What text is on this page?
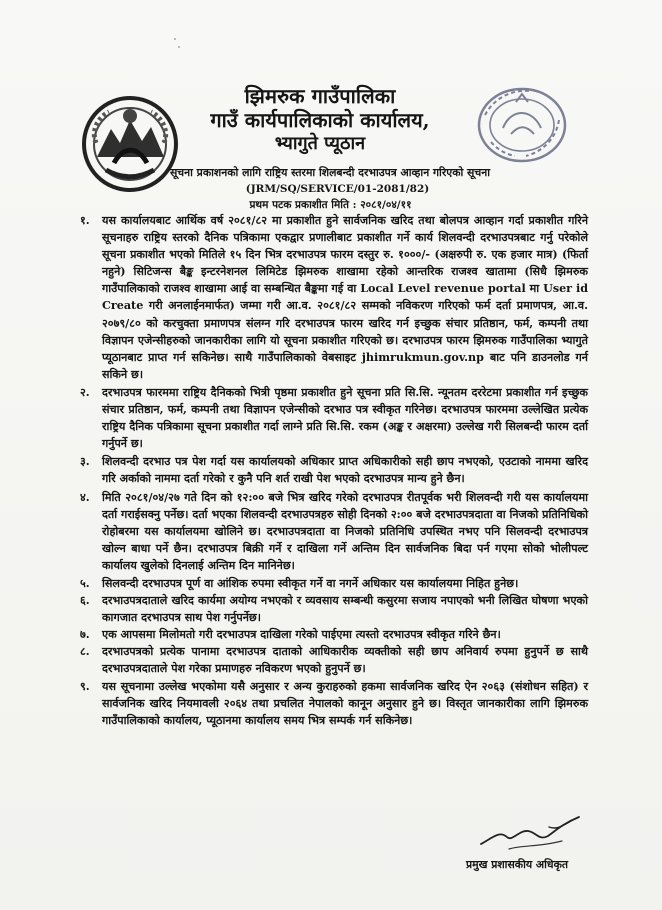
झिमरुक गाउँपालिका
गाउँ कार्यपालिकाको कार्यालय,
भ्यागुते प्यूठान
सूचना प्रकाशनको लागि राष्ट्रिय स्तरमा शिलबन्दी दरभाउपत्र आव्हान गरिएको सूचना
(JRM/SQ/SERVICE/01-2081/82)
प्रथम पटक प्रकाशीत मिति : २०८१/०४/११
१.	यस कार्यालयबाट आर्थिक वर्ष २०८१/८२ मा प्रकाशीत हुने सार्वजनिक खरिद तथा बोलपत्र आव्हान गर्दा प्रकाशीत गरिने सूचनाहरु राष्ट्रिय स्तरको दैनिक पत्रिकामा एकद्वार प्रणालीबाट प्रकाशीत गर्ने कार्य शिलवन्दी दरभाउपत्रबाट गर्नु परेकोले सूचना प्रकाशीत भएको मितिले १५ दिन भित्र दरभाउपत्र फारम दस्तुर रु. १०००/- (अक्षरुपी रु. एक हजार मात्र) (फिर्ता नहुने) सिटिजन्स बैङ्क इन्टरनेशनल लिमिटेड झिमरुक शाखामा रहेको आन्तरिक राजश्व खातामा (सिधै झिमरुक गाउँपालिकाको राजश्व शाखामा आई वा सम्बन्धित बैङ्कमा गई वा Local Level revenue portal मा User id Create गरी अनलाईनमार्फत) जम्मा गरी आ.व. २०८१/८२ सम्मको नविकरण गरिएको फर्म दर्ता प्रमाणपत्र, आ.व. २०७९/८० को करचुक्ता प्रमाणपत्र संलग्न गरि दरभाउपत्र फारम खरिद गर्न इच्छुक संचार प्रतिष्ठान, फर्म, कम्पनी तथा विज्ञापन एजेन्सीहरुको जानकारीका लागि यो सूचना प्रकाशीत गरिएको छ। दरभाउपत्र फारम झिमरुक गाउँपालिका भ्यागुते प्यूठानबाट प्राप्त गर्न सकिनेछ। साथै गाउँपालिकाको वेबसाइट jhimrukmun.gov.np बाट पनि डाउनलोड गर्न सकिने छ।
२.	दरभाउपत्र फारममा राष्ट्रिय दैनिकको भित्री पृष्ठमा प्रकाशीत हुने सूचना प्रति सि.सि. न्यूनतम दररेटमा प्रकाशीत गर्न इच्छुक संचार प्रतिष्ठान, फर्म, कम्पनी तथा विज्ञापन एजेन्सीको दरभाउ पत्र स्वीकृत गरिनेछ। दरभाउपत्र फारममा उल्लेखित प्रत्येक राष्ट्रिय दैनिक पत्रिकामा सूचना प्रकाशीत गर्दा लाग्ने प्रति सि.सि. रकम (अङ्क र अक्षरमा) उल्लेख गरी सिलबन्दी फारम दर्ता गर्नुपर्ने छ।
३.	शिलवन्दी दरभाउ पत्र पेश गर्दा यस कार्यालयको अधिकार प्राप्त अधिकारीको सही छाप नभएको, एउटाको नाममा खरिद गरि अर्काको नाममा दर्ता गरेको र कुनै पनि शर्त राखी पेश भएको दरभाउपत्र मान्य हुने छैन।
४.	मिति २०८१/०४/२७ गते दिन को १२:०० बजे भित्र खरिद गरेको दरभाउपत्र रीतपूर्वक भरी शिलवन्दी गरी यस कार्यालयमा दर्ता गराईसक्नु पर्नेछ। दर्ता भएका शिलवन्दी दरभाउपत्रहरु सोही दिनको २:०० बजे दरभाउपत्रदाता वा निजको प्रतिनिधिको रोहोबरमा यस कार्यालयमा खोलिने छ। दरभाउपत्रदाता वा निजको प्रतिनिधि उपस्थित नभए पनि सिलवन्दी दरभाउपत्र खोल्न बाधा पर्ने छैन। दरभाउपत्र बिक्री गर्ने र दाखिला गर्ने अन्तिम दिन सार्वजनिक बिदा पर्न गएमा सोको भोलीपल्ट कार्यालय खुलेको दिनलाई अन्तिम दिन मानिनेछ।
५.	सिलवन्दी दरभाउपत्र पूर्ण वा आंशिक रुपमा स्वीकृत गर्ने वा नगर्ने अधिकार यस कार्यालयमा निहित हुनेछ।
६.	दरभाउपत्रदाताले खरिद कार्यमा अयोग्य नभएको र व्यवसाय सम्बन्धी कसुरमा सजाय नपाएको भनी लिखित घोषणा भएको कागजात दरभाउपत्र साथ पेश गर्नुपर्नेछ।
७.	एक आपसमा मिलोमतो गरी दरभाउपत्र दाखिला गरेको पाईएमा त्यस्तो दरभाउपत्र स्वीकृत गरिने छैन।
८.	दरभाउपत्रको प्रत्येक पानामा दरभाउपत्र दाताको आधिकारीक व्यक्तीको सही छाप अनिवार्य रुपमा हुनुपर्ने छ साथै दरभाउपत्रदाताले पेश गरेका प्रमाणहरु नविकरण भएको हुनुपर्ने छ।
९.	यस सूचनामा उल्लेख भएकोमा यसै अनुसार र अन्य कुराहरुको हकमा सार्वजनिक खरिद ऐन २०६३ (संशोधन सहित) र सार्वजनिक खरिद नियमावली २०६४ तथा प्रचलित नेपालको कानून अनुसार हुने छ। विस्तृत जानकारीका लागि झिमरुक गाउँपालिकाको कार्यालय, प्यूठानमा कार्यालय समय भित्र सम्पर्क गर्न सकिनेछ।
प्रमुख प्रशासकीय अधिकृत
